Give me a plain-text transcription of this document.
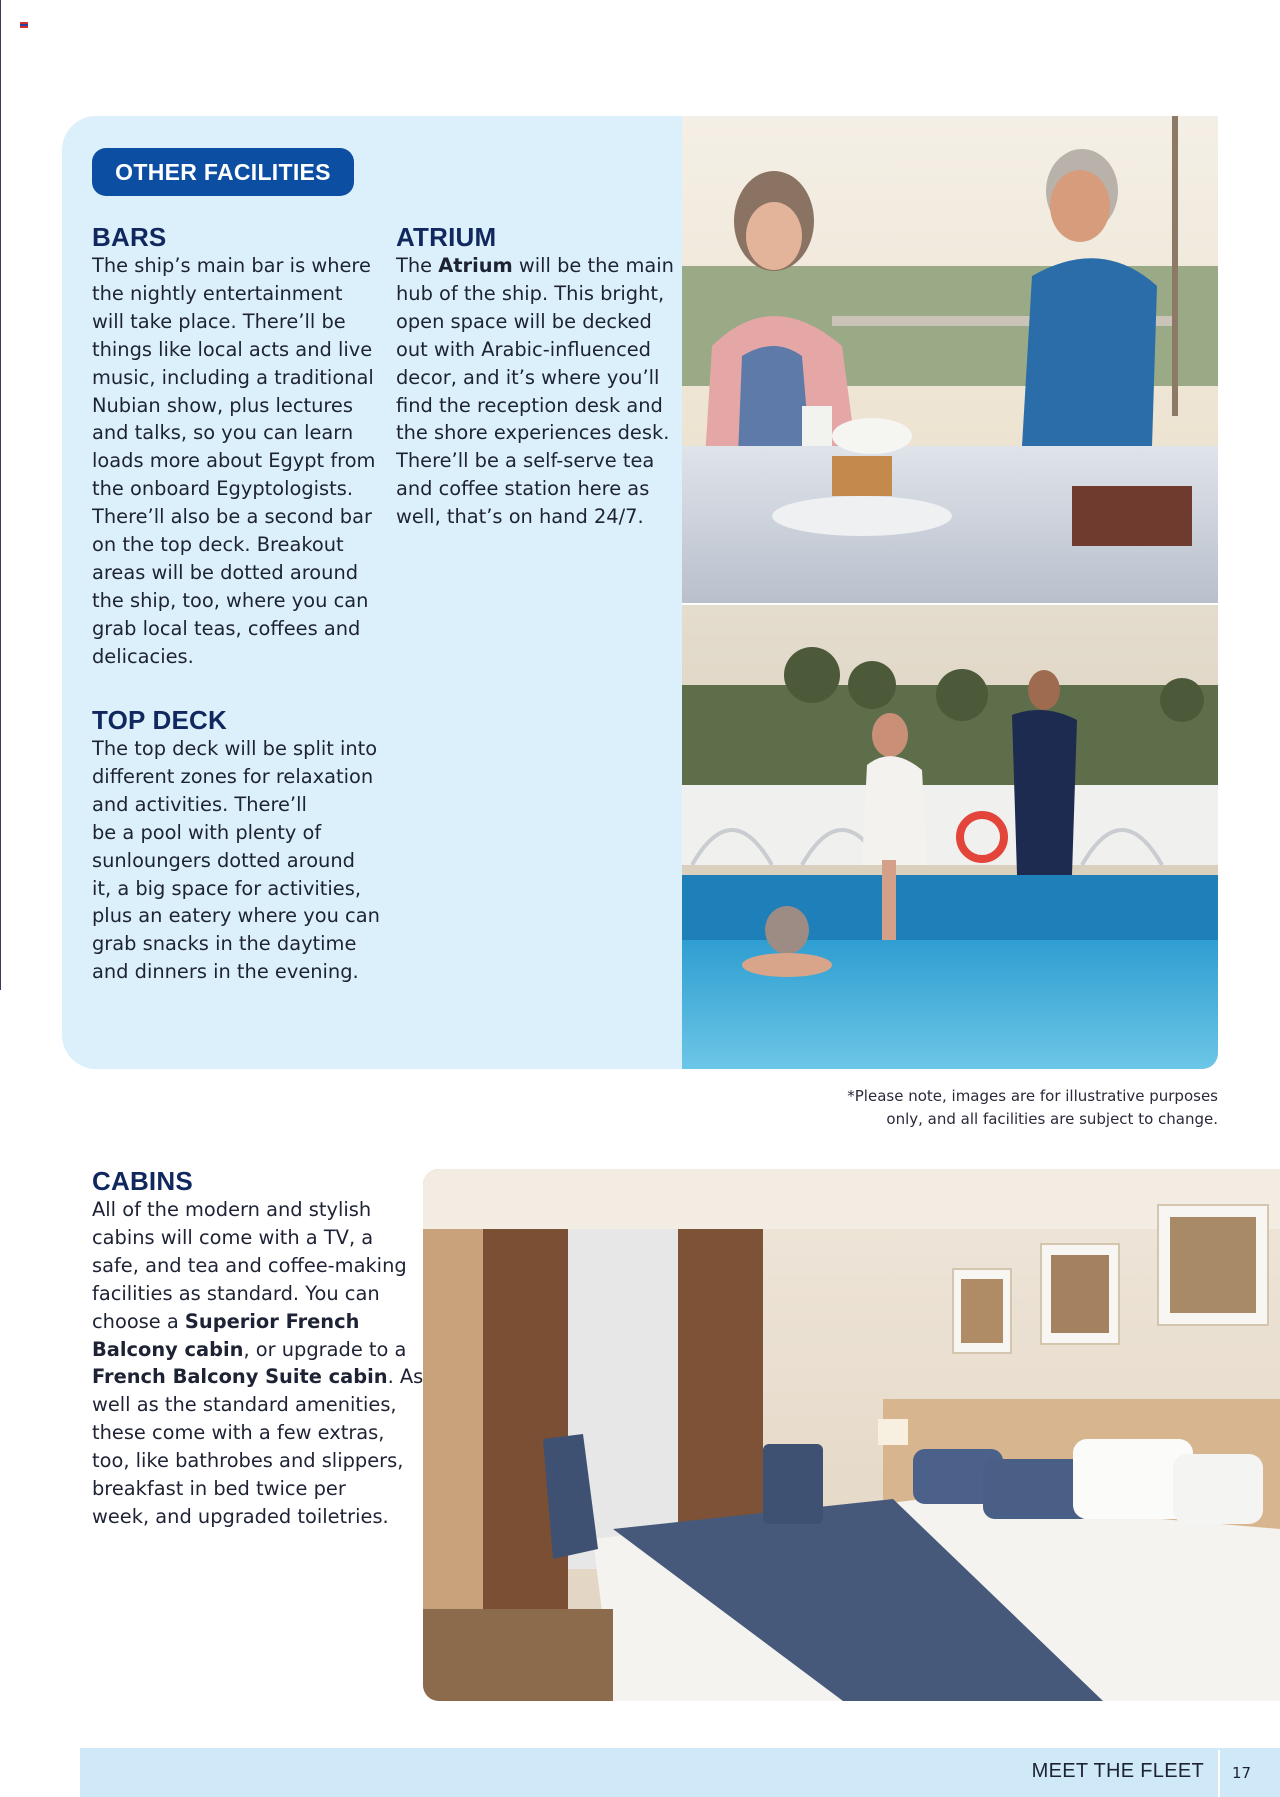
OTHER FACILITIES
BARS
The ship’s main bar is where
the nightly entertainment
will take place. There’ll be
things like local acts and live
music, including a traditional
Nubian show, plus lectures
and talks, so you can learn
loads more about Egypt from
the onboard Egyptologists.
There’ll also be a second bar
on the top deck. Breakout
areas will be dotted around
the ship, too, where you can
grab local teas, coffees and
delicacies.
ATRIUM
The Atrium will be the main
hub of the ship. This bright,
open space will be decked
out with Arabic-influenced
decor, and it’s where you’ll
find the reception desk and
the shore experiences desk.
There’ll be a self-serve tea
and coffee station here as
well, that’s on hand 24/7.
TOP DECK
The top deck will be split into
different zones for relaxation
and activities. There’ll
be a pool with plenty of
sunloungers dotted around
it, a big space for activities,
plus an eatery where you can
grab snacks in the daytime
and dinners in the evening.
*Please note, images are for illustrative purposes
only, and all facilities are subject to change.
CABINS
All of the modern and stylish
cabins will come with a TV, a
safe, and tea and coffee-making
facilities as standard. You can
choose a Superior French
Balcony cabin, or upgrade to a
French Balcony Suite cabin. As
well as the standard amenities,
these come with a few extras,
too, like bathrobes and slippers,
breakfast in bed twice per
week, and upgraded toiletries.
MEET THE FLEET 17
